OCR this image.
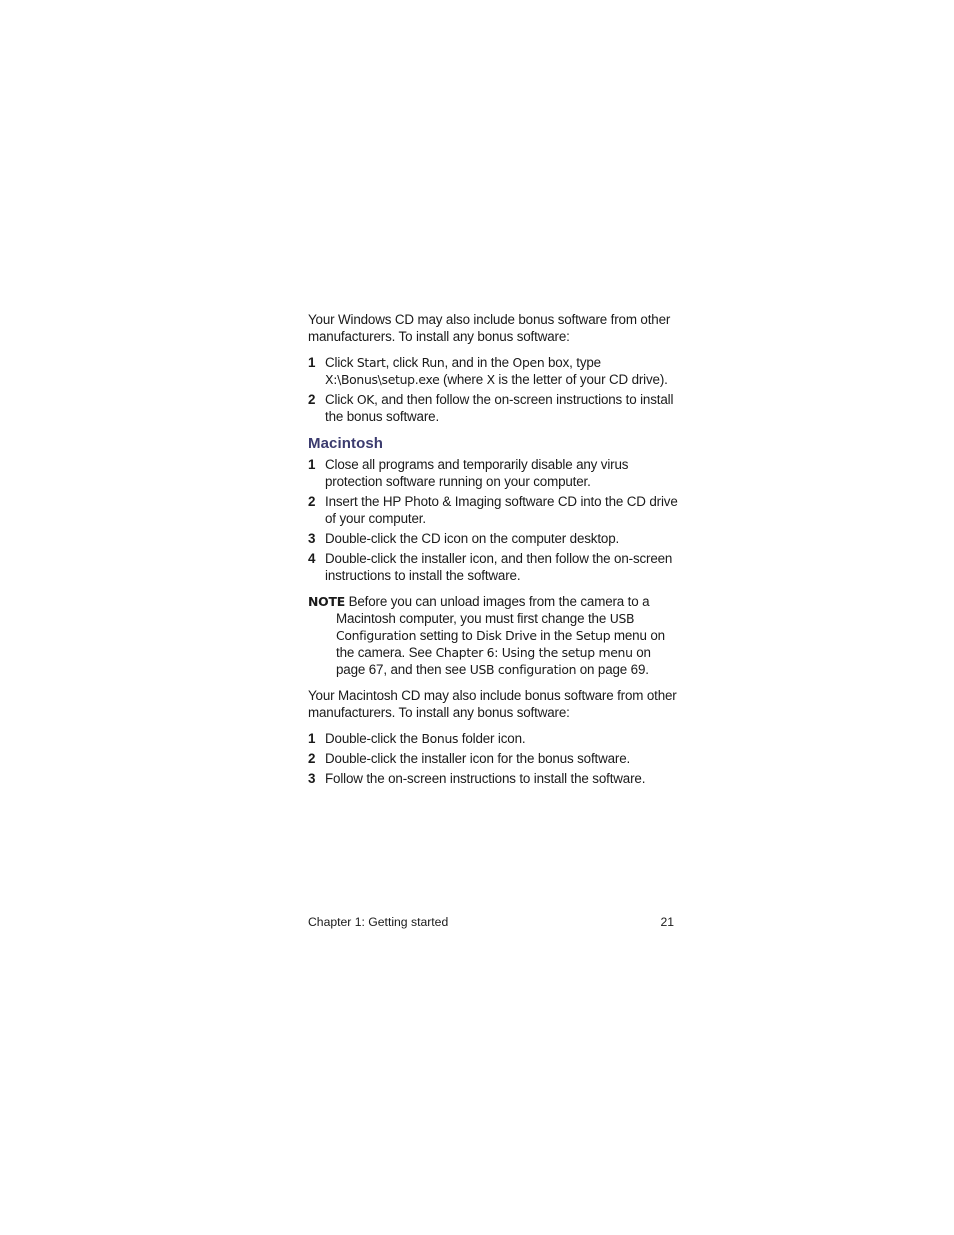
Your Windows CD may also include bonus software from other manufacturers. To install any bonus software:

1 Click Start, click Run, and in the Open box, type X:\Bonus\setup.exe (where X is the letter of your CD drive).
2 Click OK, and then follow the on-screen instructions to install the bonus software.
Macintosh
1 Close all programs and temporarily disable any virus protection software running on your computer.
2 Insert the HP Photo & Imaging software CD into the CD drive of your computer.
3 Double-click the CD icon on the computer desktop.
4 Double-click the installer icon, and then follow the on-screen instructions to install the software.

NOTE Before you can unload images from the camera to a Macintosh computer, you must first change the USB Configuration setting to Disk Drive in the Setup menu on the camera. See Chapter 6: Using the setup menu on page 67, and then see USB configuration on page 69.

Your Macintosh CD may also include bonus software from other manufacturers. To install any bonus software:

1 Double-click the Bonus folder icon.
2 Double-click the installer icon for the bonus software.
3 Follow the on-screen instructions to install the software.
Chapter 1: Getting started	21
